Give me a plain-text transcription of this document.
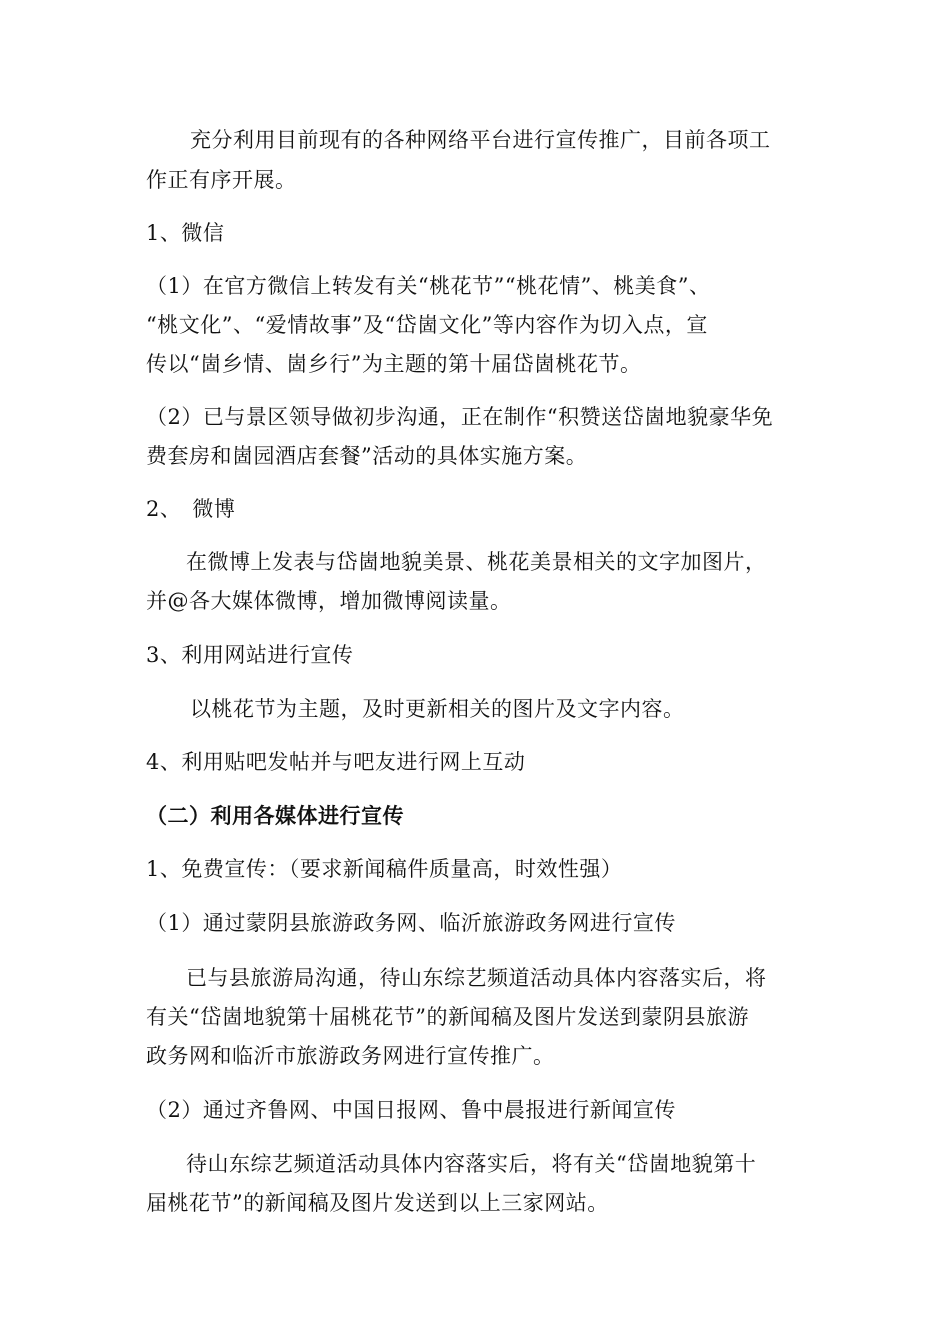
充分利用目前现有的各种网络平台进行宣传推广，目前各项工
作正有序开展。
1、微信
（1）在官方微信上转发有关“桃花节”“桃花情”、桃美食”、
“桃文化”、“爱情故事”及“岱崮文化”等内容作为切入点，宣
传以“崮乡情、崮乡行”为主题的第十届岱崮桃花节。
（2）已与景区领导做初步沟通，正在制作“积赞送岱崮地貌豪华免
费套房和崮园酒店套餐”活动的具体实施方案。
2、　微博
在微博上发表与岱崮地貌美景、桃花美景相关的文字加图片，
并@各大媒体微博，增加微博阅读量。
3、利用网站进行宣传
以桃花节为主题，及时更新相关的图片及文字内容。
4、利用贴吧发帖并与吧友进行网上互动
（二）利用各媒体进行宣传
1、免费宣传：（要求新闻稿件质量高，时效性强）
（1）通过蒙阴县旅游政务网、临沂旅游政务网进行宣传
已与县旅游局沟通，待山东综艺频道活动具体内容落实后，将
有关“岱崮地貌第十届桃花节”的新闻稿及图片发送到蒙阴县旅游
政务网和临沂市旅游政务网进行宣传推广。
（2）通过齐鲁网、中国日报网、鲁中晨报进行新闻宣传
待山东综艺频道活动具体内容落实后，将有关“岱崮地貌第十
届桃花节”的新闻稿及图片发送到以上三家网站。
